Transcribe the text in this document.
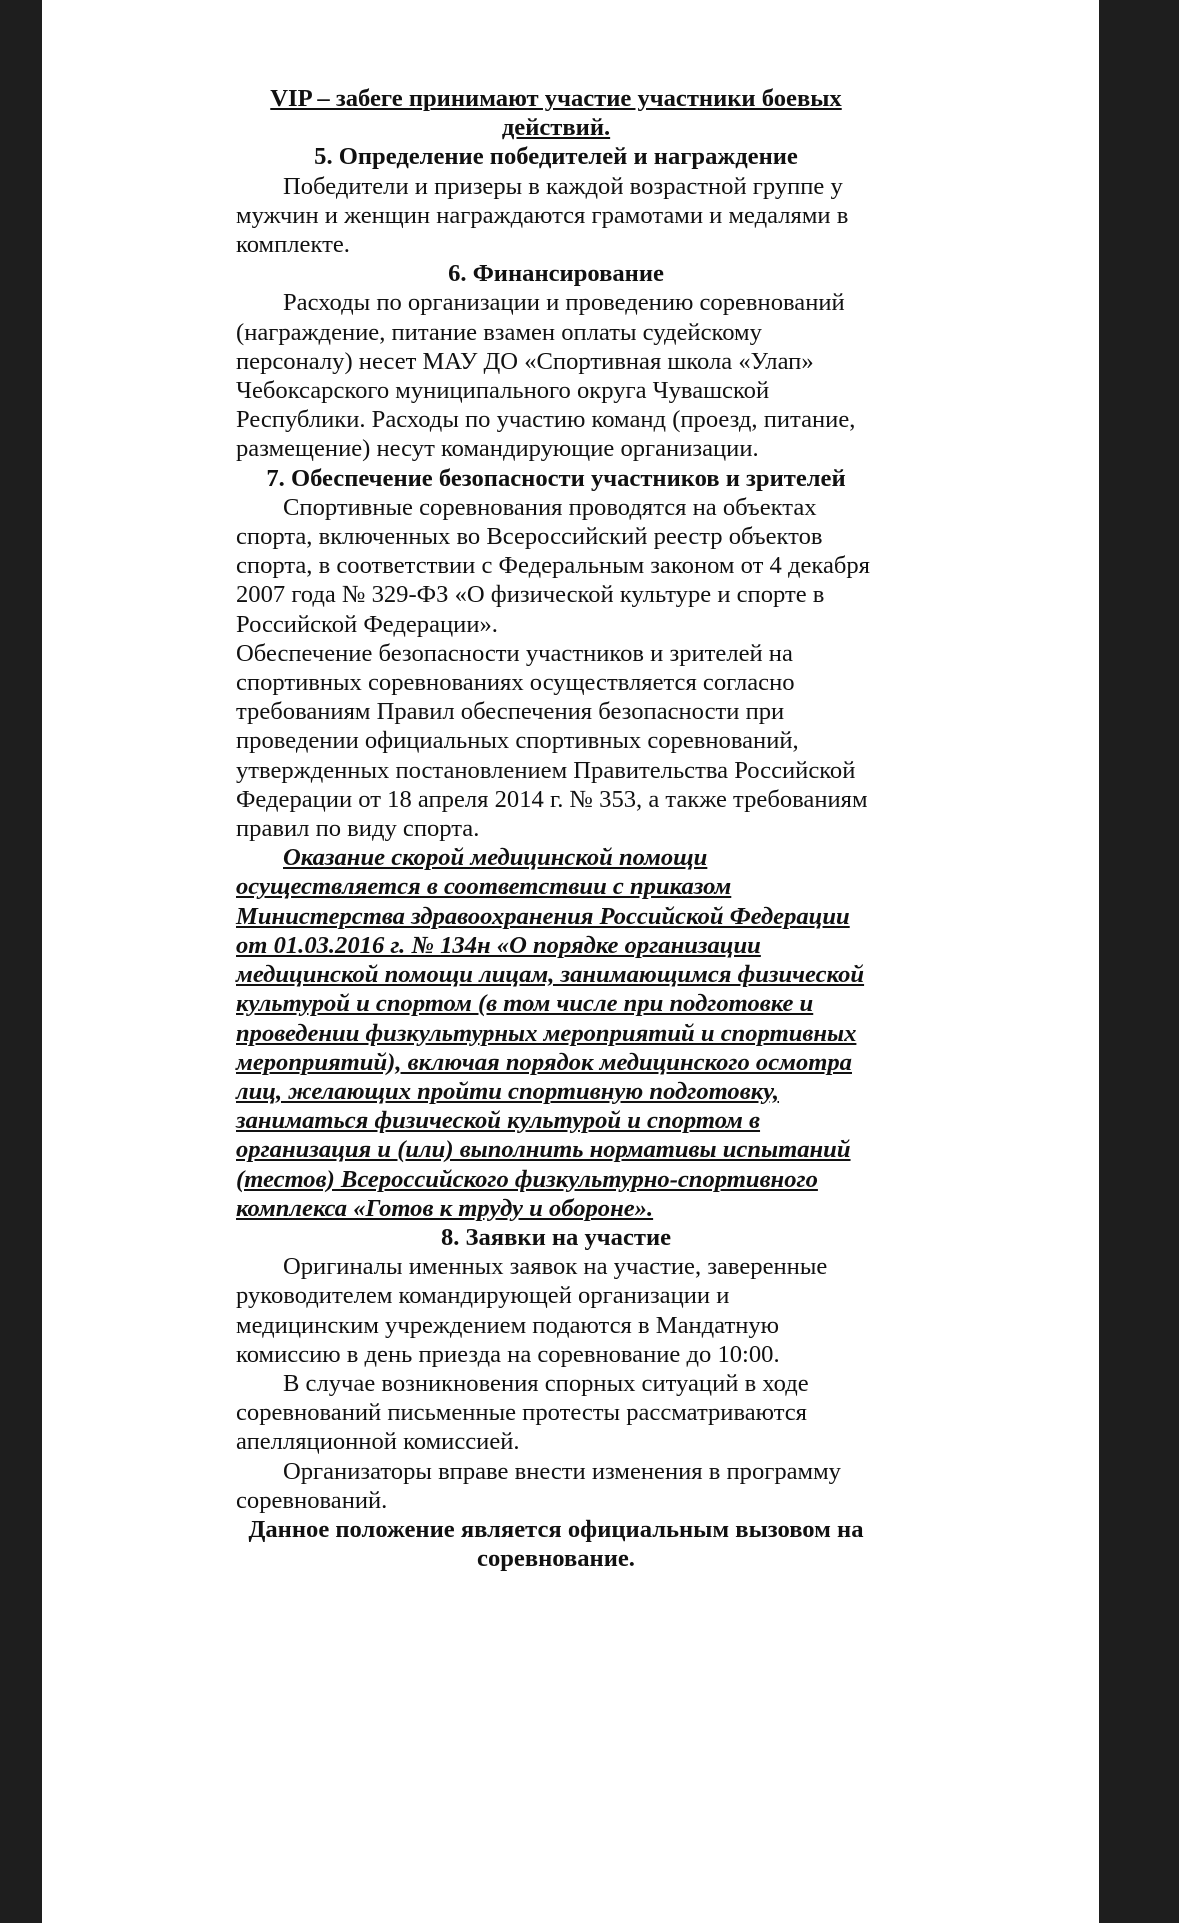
VIP – забеге принимают участие участники боевых действий.

5. Определение победителей и награждение

Победители и призеры в каждой возрастной группе у мужчин и женщин награждаются грамотами и медалями в комплекте.

6. Финансирование

Расходы по организации и проведению соревнований (награждение, питание взамен оплаты судейскому персоналу) несет МАУ ДО «Спортивная школа «Улап» Чебоксарского муниципального округа Чувашской Республики. Расходы по участию команд (проезд, питание, размещение) несут командирующие организации.

7. Обеспечение безопасности участников и зрителей

Спортивные соревнования проводятся на объектах спорта, включенных во Всероссийский реестр объектов спорта, в соответствии с Федеральным законом от 4 декабря 2007 года № 329-ФЗ «О физической культуре и спорте в Российской Федерации».

Обеспечение безопасности участников и зрителей на спортивных соревнованиях осуществляется согласно требованиям Правил обеспечения безопасности при проведении официальных спортивных соревнований, утвержденных постановлением Правительства Российской Федерации от 18 апреля 2014 г. № 353, а также требованиям правил по виду спорта.

Оказание скорой медицинской помощи осуществляется в соответствии с приказом Министерства здравоохранения Российской Федерации от 01.03.2016 г. № 134н «О порядке организации медицинской помощи лицам, занимающимся физической культурой и спортом (в том числе при подготовке и проведении физкультурных мероприятий и спортивных мероприятий), включая порядок медицинского осмотра лиц, желающих пройти спортивную подготовку, заниматься физической культурой и спортом в организация и (или) выполнить нормативы испытаний (тестов) Всероссийского физкультурно-спортивного комплекса «Готов к труду и обороне».

8. Заявки на участие

Оригиналы именных заявок на участие, заверенные руководителем командирующей организации и медицинским учреждением подаются в Мандатную комиссию в день приезда на соревнование до 10:00.

В случае возникновения спорных ситуаций в ходе соревнований письменные протесты рассматриваются апелляционной комиссией.

Организаторы вправе внести изменения в программу соревнований.

Данное положение является официальным вызовом на соревнование.
